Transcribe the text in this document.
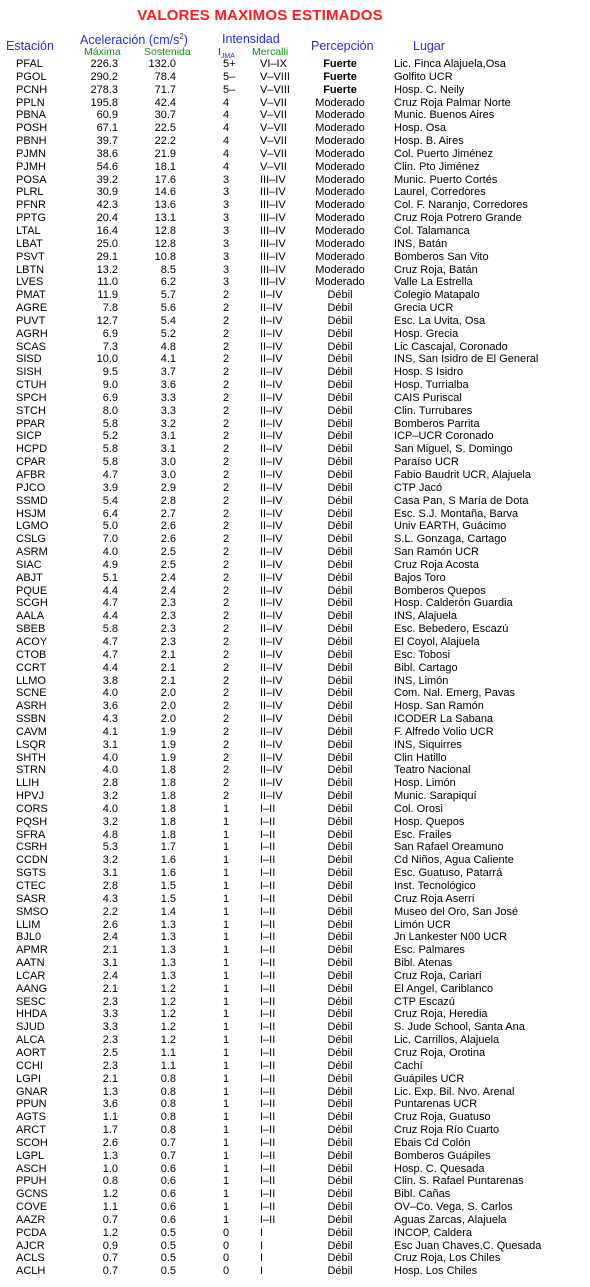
VALORES MAXIMOS ESTIMADOS
Estación Aceleración $(cm/s^2)$
Máxima Sostenida
Intensidad
$I_{JMA}$ Mercalli Percepción	Lugar
PFAL	226.3	132.0	5+ VI–IX	Fuerte	Lic. Finca Alajuela,Osa
PGOL	290.2	78.4	5– V–VIII	Fuerte	Golfito UCR
PCNH	278.3	71.7	5– V–VIII	Fuerte	Hosp. C. Neily
PPLN	195.8	42.4	4	V–VII	Moderado	Cruz Roja Palmar Norte
PBNA	60.9	30.7	4	V–VII	Moderado	Munic. Buenos Aires
POSH	67.1	22.5	4	V–VII	Moderado	Hosp. Osa
PBNH	39.7	22.2	4	V–VII	Moderado	Hosp. B. Aires
PJMN	38.6	21.9	4	V–VII	Moderado	Col. Puerto Jiménez
PJMH	54.6	18.1	4	V–VII	Moderado	Clin. Pto Jiménez
POSA	39.2	17.6	3	III–IV	Moderado	Munic. Puerto Cortés
PLRL	30.9	14.6	3	III–IV	Moderado	Laurel, Corredores
PFNR	42.3	13.6	3	III–IV	Moderado	Col. F. Naranjo, Corredores
PPTG	20.4	13.1	3	III–IV	Moderado	Cruz Roja Potrero Grande
LTAL	16.4	12.8	3	III–IV	Moderado	Col. Talamanca
LBAT	25.0	12.8	3	III–IV	Moderado	INS, Batán
PSVT	29.1	10.8	3	III–IV	Moderado	Bomberos San Vito
LBTN	13.2	8.5	3	III–IV	Moderado	Cruz Roja, Batán
LVES	11.0	6.2	3	III–IV	Moderado	Valle La Estrella
PMAT	11.9	5.7	2	II–IV	Débil	Colegio Matapalo
AGRE	7.8	5.6	2	II–IV	Débil	Grecia UCR
PUVT	12.7	5.4	2	II–IV	Débil	Esc. La Uvita, Osa
AGRH	6.9	5.2	2	II–IV	Débil	Hosp. Grecia
SCAS	7.3	4.8	2	II–IV	Débil	Lic Cascajal, Coronado
SISD	10.0	4.1	2	II–IV	Débil	INS, San Isidro de El General
SISH	9.5	3.7	2	II–IV	Débil	Hosp. S Isidro
CTUH	9.0	3.6	2	II–IV	Débil	Hosp. Turrialba
SPCH	6.9	3.3	2	II–IV	Débil	CAIS Puriscal
STCH	8.0	3.3	2	II–IV	Débil	Clin. Turrubares
PPAR	5.8	3.2	2	II–IV	Débil	Bomberos Parrita
SICP	5.2	3.1	2	II–IV	Débil	ICP–UCR Coronado
HCPD	5.8	3.1	2	II–IV	Débil	San Miguel, S. Domingo
CPAR	5.8	3.0	2	II–IV	Débil	Paraíso UCR
AFBR	4.7	3.0	2	II–IV	Débil	Fabio Baudrit UCR, Alajuela
PJCO	3.9	2.9	2	II–IV	Débil	CTP Jacó
SSMD	5.4	2.8	2	II–IV	Débil	Casa Pan, S María de Dota
HSJM	6.4	2.7	2	II–IV	Débil	Esc. S.J. Montaña, Barva
LGMO	5.0	2.6	2	II–IV	Débil	Univ EARTH, Guácimo
CSLG	7.0	2.6	2	II–IV	Débil	S.L. Gonzaga, Cartago
ASRM	4.0	2.5	2	II–IV	Débil	San Ramón UCR
SIAC	4.9	2.5	2	II–IV	Débil	Cruz Roja Acosta
ABJT	5.1	2.4	2	II–IV	Débil	Bajos Toro
PQUE	4.4	2.4	2	II–IV	Débil	Bomberos Quepos
SCGH	4.7	2.3	2	II–IV	Débil	Hosp. Calderón Guardia
AALA	4.4	2.3	2	II–IV	Débil	INS, Alajuela
SBEB	5.8	2.3	2	II–IV	Débil	Esc. Bebedero, Escazú
ACOY	4.7	2.3	2	II–IV	Débil	El Coyol, Alajuela
CTOB	4.7	2.1	2	II–IV	Débil	Esc. Tobosi
CCRT	4.4	2.1	2	II–IV	Débil	Bibl. Cartago
LLMO	3.8	2.1	2	II–IV	Débil	INS, Limón
SCNE	4.0	2.0	2	II–IV	Débil	Com. Nal. Emerg, Pavas
ASRH	3.6	2.0	2	II–IV	Débil	Hosp. San Ramón
SSBN	4.3	2.0	2	II–IV	Débil	ICODER La Sabana
CAVM	4.1	1.9	2	II–IV	Débil	F. Alfredo Volio UCR
LSQR	3.1	1.9	2	II–IV	Débil	INS, Siquirres
SHTH	4.0	1.9	2	II–IV	Débil	Clin Hatillo
STRN	4.0	1.8	2	II–IV	Débil	Teatro Nacional
LLIH	2.8	1.8	2	II–IV	Débil	Hosp. Limón
HPVJ	3.2	1.8	2	II–IV	Débil	Munic. Sarapiquí
CORS	4.0	1.8	1	I–II	Débil	Col. Orosi
PQSH	3.2	1.8	1	I–II	Débil	Hosp. Quepos
SFRA	4.8	1.8	1	I–II	Débil	Esc. Frailes
CSRH	5.3	1.7	1	I–II	Débil	San Rafael Oreamuno
CCDN	3.2	1.6	1	I–II	Débil	Cd Niños, Agua Caliente
SGTS	3.1	1.6	1	I–II	Débil	Esc. Guatuso, Patarrá
CTEC	2.8	1.5	1	I–II	Débil	Inst. Tecnológico
SASR	4.3	1.5	1	I–II	Débil	Cruz Roja Aserrí
SMSO	2.2	1.4	1	I–II	Débil	Museo del Oro, San José
LLIM	2.6	1.3	1	I–II	Débil	Limón UCR
BJL0	2.4	1.3	1	I–II	Débil	Jn Lankester N00 UCR
APMR	2.1	1.3	1	I–II	Débil	Esc. Palmares
AATN	3.1	1.3	1	I–II	Débil	Bibl. Atenas
LCAR	2.4	1.3	1	I–II	Débil	Cruz Roja, Cariari
AANG	2.1	1.2	1	I–II	Débil	El Angel, Cariblanco
SESC	2.3	1.2	1	I–II	Débil	CTP Escazú
HHDA	3.3	1.2	1	I–II	Débil	Cruz Roja, Heredia
SJUD	3.3	1.2	1	I–II	Débil	S. Jude School, Santa Ana
ALCA	2.3	1.2	1	I–II	Débil	Lic. Carrillos, Alajuela
AORT	2.5	1.1	1	I–II	Débil	Cruz Roja, Orotina
CCHI	2.3	1.1	1	I–II	Débil	Cachí
LGPI	2.1	0.8	1	I–II	Débil	Guápiles UCR
GNAR	1.3	0.8	1	I–II	Débil	Lic. Exp. Bil. Nvo. Arenal
PPUN	3.6	0.8	1	I–II	Débil	Puntarenas UCR
AGTS	1.1	0.8	1	I–II	Débil	Cruz Roja, Guatuso
ARCT	1.7	0.8	1	I–II	Débil	Cruz Roja Río Cuarto
SCOH	2.6	0.7	1	I–II	Débil	Ebais Cd Colón
LGPL	1.3	0.7	1	I–II	Débil	Bomberos Guápiles
ASCH	1.0	0.6	1	I–II	Débil	Hosp. C. Quesada
PPUH	0.8	0.6	1	I–II	Débil	Clin. S. Rafael Puntarenas
GCNS	1.2	0.6	1	I–II	Débil	Bibl. Cañas
COVE	1.1	0.6	1	I–II	Débil	OV–Co. Vega, S. Carlos
AAZR	0.7	0.6	1	I–II	Débil	Aguas Zarcas, Alajuela
PCDA	1.2	0.5	0	I	Débil	INCOP, Caldera
AJCR	0.9	0.5	0	I	Débil	Esc Juan Chaves,C. Quesada
ACLS	0.7	0.5	0	I	Débil	Cruz Roja, Los Chiles
ACLH	0.7	0.5	0	I	Débil	Hosp. Los Chiles
